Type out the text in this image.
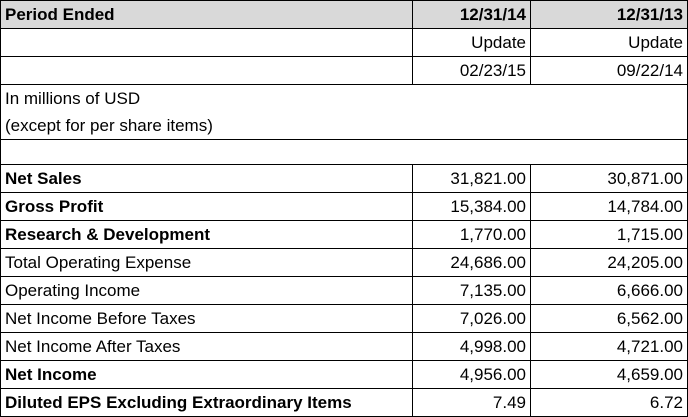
Period Ended	12/31/14	12/31/13
	Update	Update
	02/23/15	09/22/14
In millions of USD		
(except for per share items)		

Net Sales	31,821.00	30,871.00
Gross Profit	15,384.00	14,784.00
Research & Development	1,770.00	1,715.00
Total Operating Expense	24,686.00	24,205.00
Operating Income	7,135.00	6,666.00
Net Income Before Taxes	7,026.00	6,562.00
Net Income After Taxes	4,998.00	4,721.00
Net Income	4,956.00	4,659.00
Diluted EPS Excluding Extraordinary Items	7.49	6.72
